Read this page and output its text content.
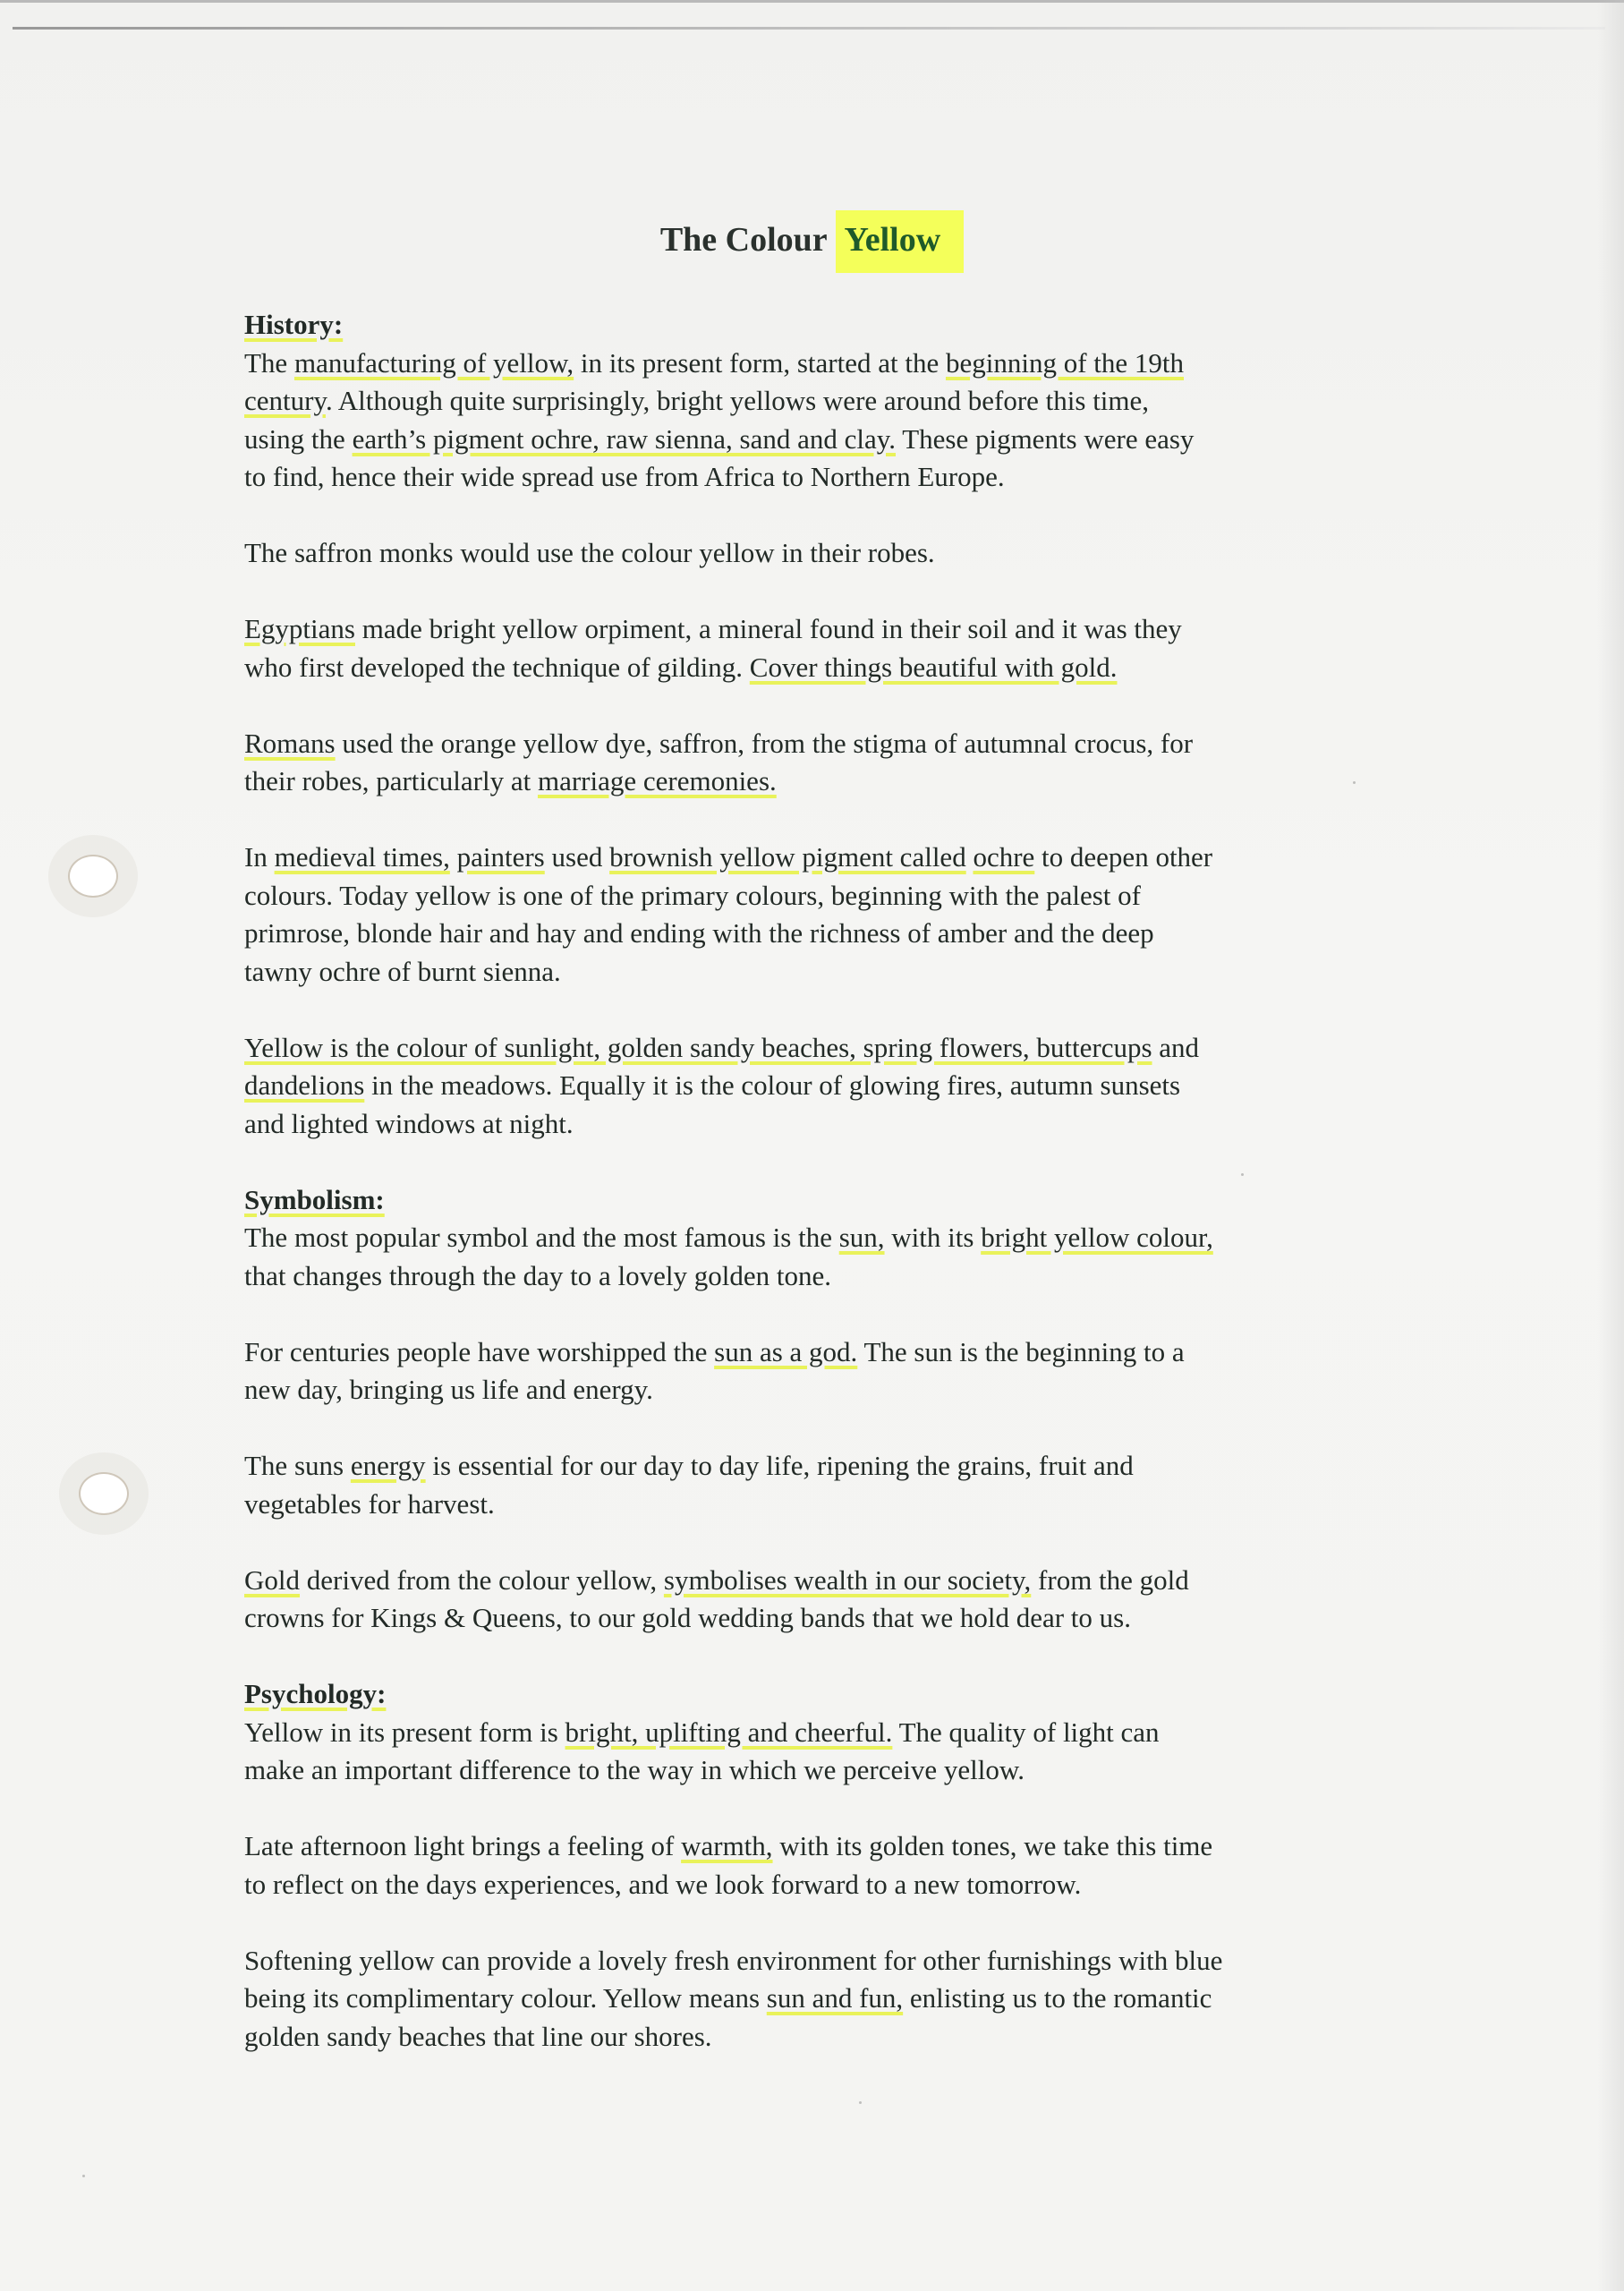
The Colour Yellow
History:
The manufacturing of yellow, in its present form, started at the beginning of the 19th
century. Although quite surprisingly, bright yellows were around before this time,
using the earth’s pigment ochre, raw sienna, sand and clay. These pigments were easy
to find, hence their wide spread use from Africa to Northern Europe.
The saffron monks would use the colour yellow in their robes.
Egyptians made bright yellow orpiment, a mineral found in their soil and it was they
who first developed the technique of gilding. Cover things beautiful with gold.
Romans used the orange yellow dye, saffron, from the stigma of autumnal crocus, for
their robes, particularly at marriage ceremonies.
In medieval times, painters used brownish yellow pigment called ochre to deepen other
colours. Today yellow is one of the primary colours, beginning with the palest of
primrose, blonde hair and hay and ending with the richness of amber and the deep
tawny ochre of burnt sienna.
Yellow is the colour of sunlight, golden sandy beaches, spring flowers, buttercups and
dandelions in the meadows. Equally it is the colour of glowing fires, autumn sunsets
and lighted windows at night.
Symbolism:
The most popular symbol and the most famous is the sun, with its bright yellow colour,
that changes through the day to a lovely golden tone.
For centuries people have worshipped the sun as a god. The sun is the beginning to a
new day, bringing us life and energy.
The suns energy is essential for our day to day life, ripening the grains, fruit and
vegetables for harvest.
Gold derived from the colour yellow, symbolises wealth in our society, from the gold
crowns for Kings & Queens, to our gold wedding bands that we hold dear to us.
Psychology:
Yellow in its present form is bright, uplifting and cheerful. The quality of light can
make an important difference to the way in which we perceive yellow.
Late afternoon light brings a feeling of warmth, with its golden tones, we take this time
to reflect on the days experiences, and we look forward to a new tomorrow.
Softening yellow can provide a lovely fresh environment for other furnishings with blue
being its complimentary colour. Yellow means sun and fun, enlisting us to the romantic
golden sandy beaches that line our shores.
